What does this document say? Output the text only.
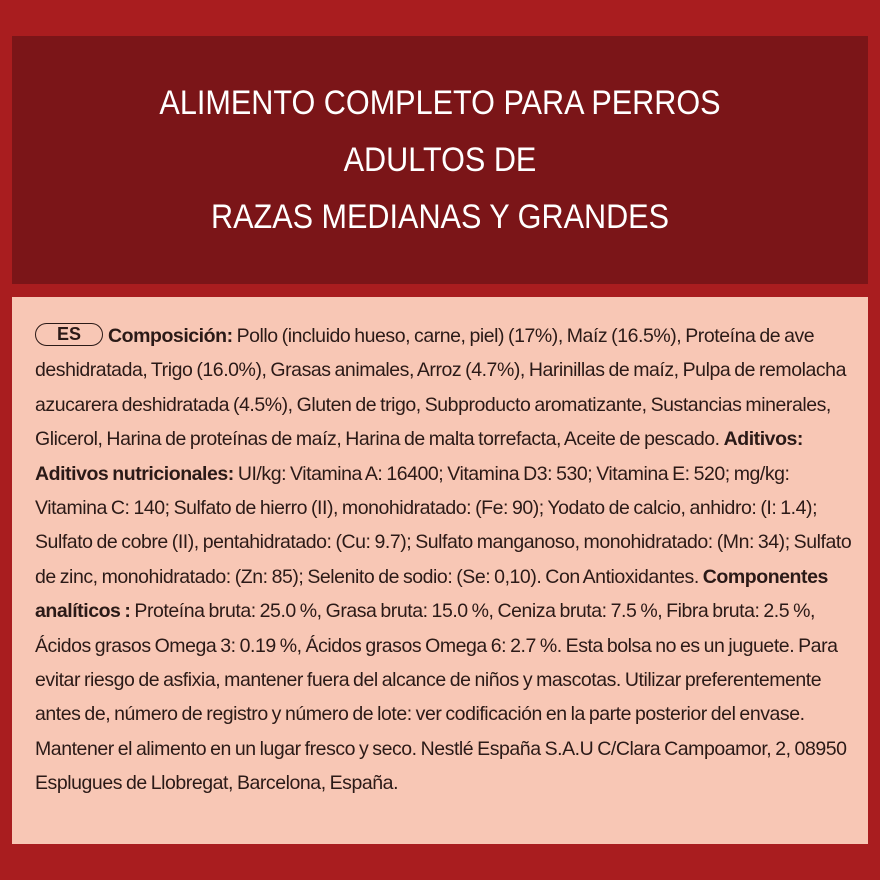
ALIMENTO COMPLETO PARA PERROS ADULTOS DE
RAZAS MEDIANAS Y GRANDES

ES Composición: Pollo (incluido hueso, carne, piel) (17%), Maíz (16.5%), Proteína de ave deshidratada, Trigo (16.0%), Grasas animales, Arroz (4.7%), Harinillas de maíz, Pulpa de remolacha azucarera deshidratada (4.5%), Gluten de trigo, Subproducto aromatizante, Sustancias minerales, Glicerol, Harina de proteínas de maíz, Harina de malta torrefacta, Aceite de pescado. Aditivos: Aditivos nutricionales: UI/kg: Vitamina A: 16400; Vitamina D3: 530; Vitamina E: 520; mg/kg: Vitamina C: 140; Sulfato de hierro (II), monohidratado: (Fe: 90); Yodato de calcio, anhidro: (I: 1.4); Sulfato de cobre (II), pentahidratado: (Cu: 9.7); Sulfato manganoso, monohidratado: (Mn: 34); Sulfato de zinc, monohidratado: (Zn: 85); Selenito de sodio: (Se: 0,10). Con Antioxidantes. Componentes analíticos : Proteína bruta: 25.0 %, Grasa bruta: 15.0 %, Ceniza bruta: 7.5 %, Fibra bruta: 2.5 %, Ácidos grasos Omega 3: 0.19 %, Ácidos grasos Omega 6: 2.7 %. Esta bolsa no es un juguete. Para evitar riesgo de asfixia, mantener fuera del alcance de niños y mascotas. Utilizar preferentemente antes de, número de registro y número de lote: ver codificación en la parte posterior del envase. Mantener el alimento en un lugar fresco y seco. Nestlé España S.A.U C/Clara Campoamor, 2, 08950 Esplugues de Llobregat, Barcelona, España.
